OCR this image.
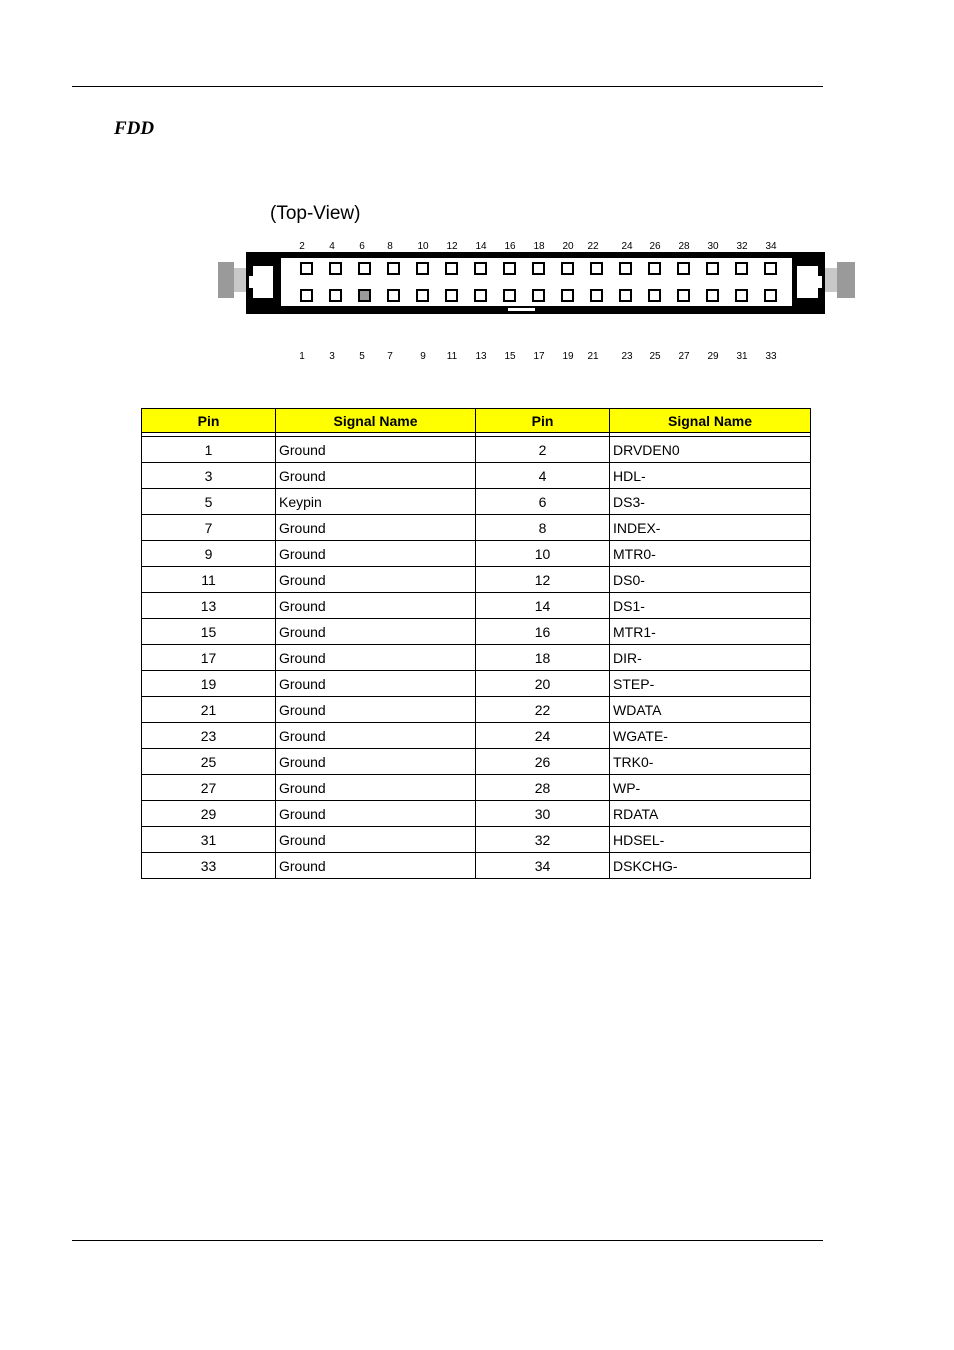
FDD
(Top-View)
2 4 6 8 10 12 14 16 18 20 22 24 26 28 30 32 34
1 3 5 7	9 11 13 15 17 19 21 23 25 27 29 31 33
Pin	Signal Name	Pin	Signal Name

1	Ground	2	DRVDEN0
3	Ground	4	HDL-
5	Keypin	6	DS3-
7	Ground	8	INDEX-
9	Ground	10	MTR0-
11	Ground	12	DS0-
13	Ground	14	DS1-
15	Ground	16	MTR1-
17	Ground	18	DIR-
19	Ground	20	STEP-
21	Ground	22	WDATA
23	Ground	24	WGATE-
25	Ground	26	TRK0-
27	Ground	28	WP-
29	Ground	30	RDATA
31	Ground	32	HDSEL-
33	Ground	34	DSKCHG-
